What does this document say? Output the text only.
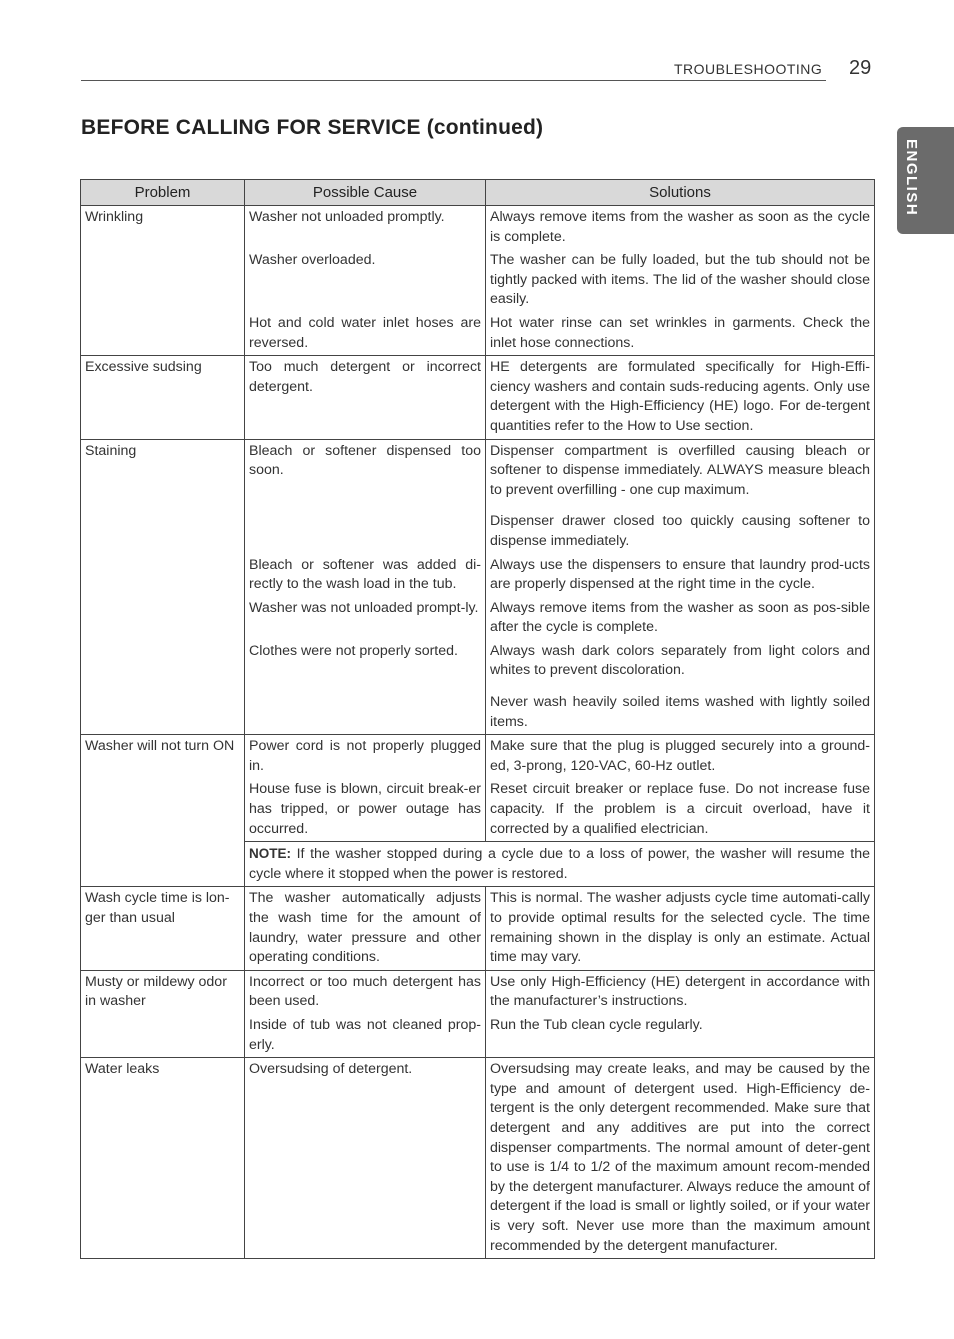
TROUBLESHOOTING 29
BEFORE CALLING FOR SERVICE (continued)
ENGLISH
Problem	Possible Cause	Solutions

Wrinkling	Washer not unloaded promptly.	Always remove items from the washer as soon as the cycle is complete.

	Washer overloaded.	The washer can be fully loaded, but the tub should not be tightly packed with items. The lid of the washer should close easily.

	Hot and cold water inlet hoses are reversed.	Hot water rinse can set wrinkles in garments. Check the inlet hose connections.

Excessive sudsing	Too much detergent or incorrect detergent.	HE detergents are formulated specifically for High-Effi-ciency washers and contain suds-reducing agents. Only use detergent with the High-Efficiency (HE) logo. For de-tergent quantities refer to the How to Use section.

Staining	Bleach or softener dispensed too soon.	Dispenser compartment is overfilled causing bleach or softener to dispense immediately. ALWAYS measure bleach to prevent overfilling - one cup maximum.
Dispenser drawer closed too quickly causing softener to dispense immediately.

	Bleach or softener was added di-rectly to the wash load in the tub.	Always use the dispensers to ensure that laundry prod-ucts are properly dispensed at the right time in the cycle.

	Washer was not unloaded prompt-ly.	Always remove items from the washer as soon as pos-sible after the cycle is complete.

	Clothes were not properly sorted.	Always wash dark colors separately from light colors and whites to prevent discoloration.
Never wash heavily soiled items washed with lightly soiled items.

Washer will not turn ON	Power cord is not properly plugged in.	Make sure that the plug is plugged securely into a ground-ed, 3-prong, 120-VAC, 60-Hz outlet.

	House fuse is blown, circuit break-er has tripped, or power outage has occurred.	Reset circuit breaker or replace fuse. Do not increase fuse capacity. If the problem is a circuit overload, have it corrected by a qualified electrician.

	NOTE: If the washer stopped during a cycle due to a loss of power, the washer will resume the cycle where it stopped when the power is restored.	

Wash cycle time is lon-ger than usual	The washer automatically adjusts the wash time for the amount of laundry, water pressure and other operating conditions.	This is normal. The washer adjusts cycle time automati-cally to provide optimal results for the selected cycle. The time remaining shown in the display is only an estimate. Actual time may vary.

Musty or mildewy odor in washer	Incorrect or too much detergent has been used.	Use only High-Efficiency (HE) detergent in accordance with the manufacturer’s instructions.

	Inside of tub was not cleaned prop-erly.	Run the Tub clean cycle regularly.

Water leaks	Oversudsing of detergent.	Oversudsing may create leaks, and may be caused by the type and amount of detergent used. High-Efficiency de-tergent is the only detergent recommended. Make sure that detergent and any additives are put into the correct dispenser compartments. The normal amount of deter-gent to use is 1/4 to 1/2 of the maximum amount recom-mended by the detergent manufacturer. Always reduce the amount of detergent if the load is small or lightly soiled, or if your water is very soft. Never use more than the maximum amount recommended by the detergent manufacturer.
